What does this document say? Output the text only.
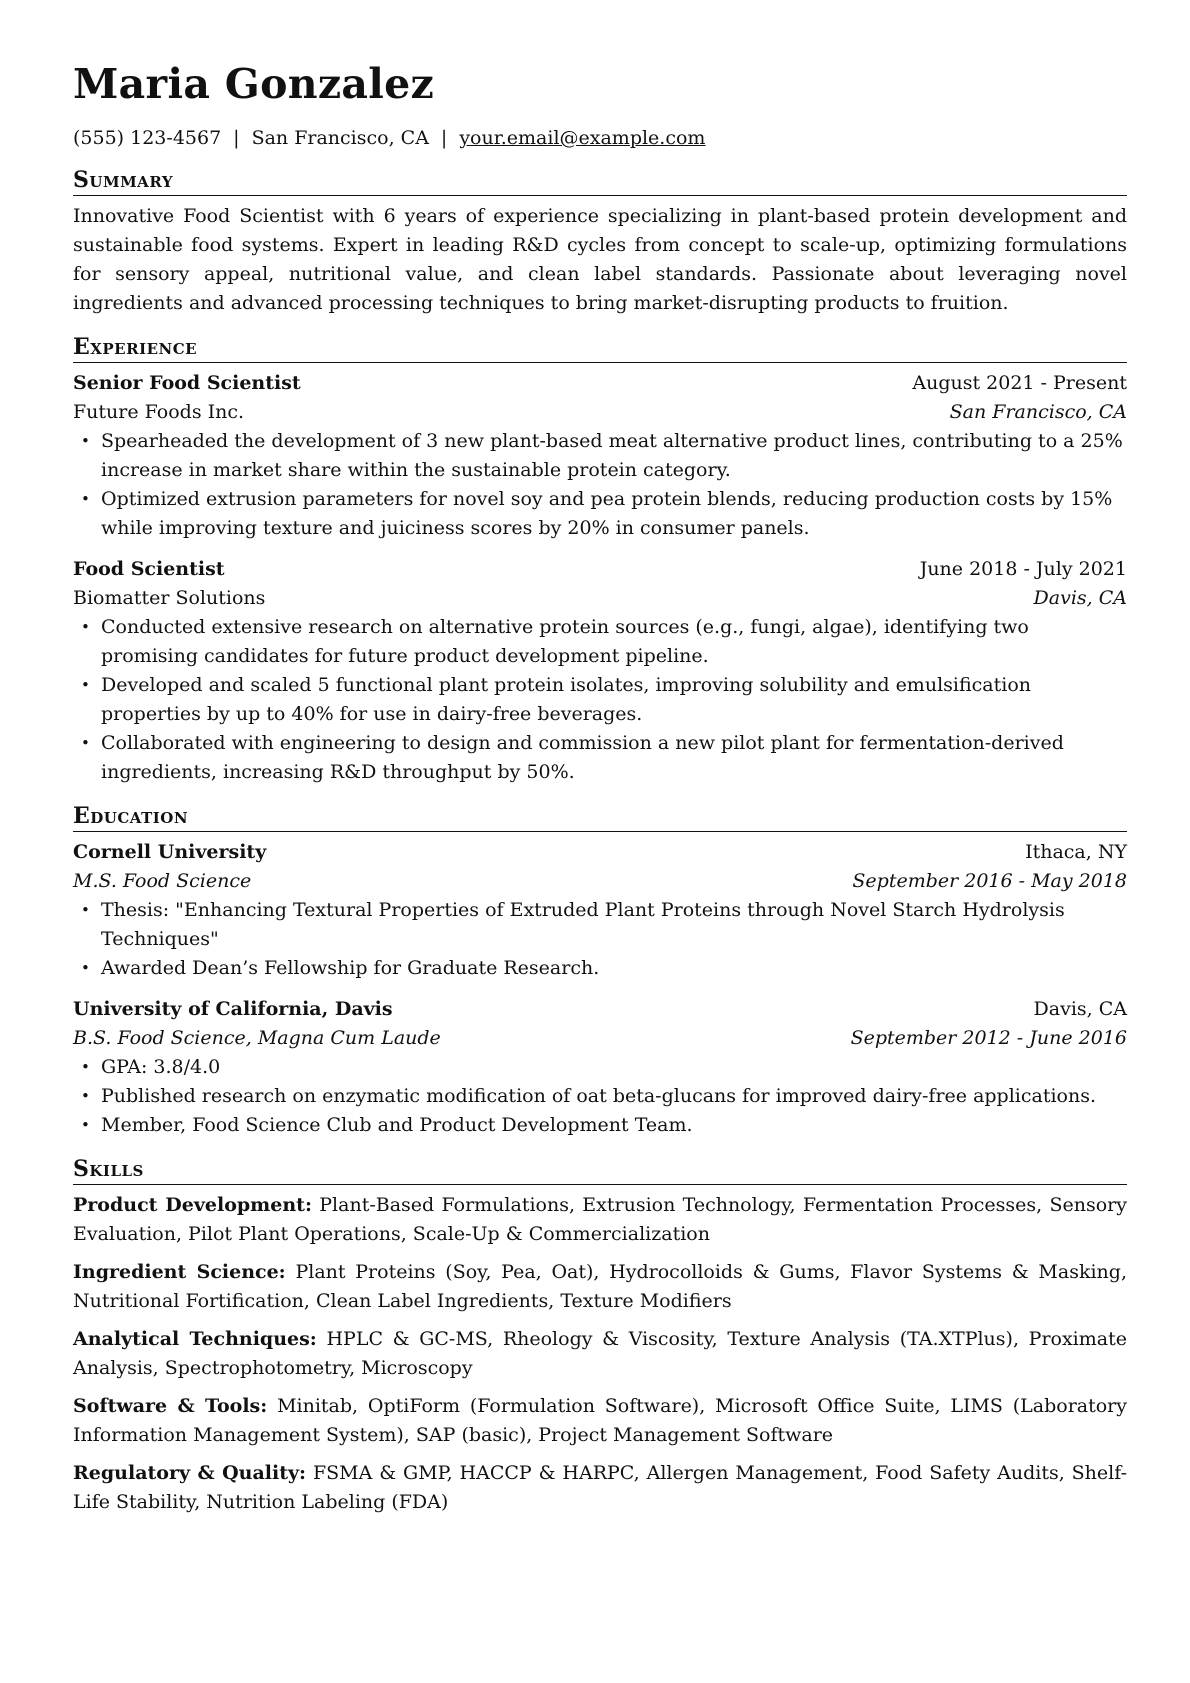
Maria Gonzalez
(555) 123-4567 | San Francisco, CA | your.email@example.com
Summary
Innovative Food Scientist with 6 years of experience specializing in plant-based protein development and sustainable food systems. Expert in leading R&D cycles from concept to scale-up, optimizing formulations for sensory appeal, nutritional value, and clean label standards. Passionate about leveraging novel ingredients and advanced processing techniques to bring market-disrupting products to fruition.
Experience
Senior Food Scientist	August 2021 - Present
Future Foods Inc.	San Francisco, CA
• Spearheaded the development of 3 new plant-based meat alternative product lines, contributing to a 25% increase in market share within the sustainable protein category.
• Optimized extrusion parameters for novel soy and pea protein blends, reducing production costs by 15% while improving texture and juiciness scores by 20% in consumer panels.
Food Scientist	June 2018 - July 2021
Biomatter Solutions	Davis, CA
• Conducted extensive research on alternative protein sources (e.g., fungi, algae), identifying two promising candidates for future product development pipeline.
• Developed and scaled 5 functional plant protein isolates, improving solubility and emulsification properties by up to 40% for use in dairy-free beverages.
• Collaborated with engineering to design and commission a new pilot plant for fermentation-derived ingredients, increasing R&D throughput by 50%.
Education
Cornell University	Ithaca, NY
M.S. Food Science	September 2016 - May 2018
• Thesis: "Enhancing Textural Properties of Extruded Plant Proteins through Novel Starch Hydrolysis Techniques"
• Awarded Dean’s Fellowship for Graduate Research.
University of California, Davis	Davis, CA
B.S. Food Science, Magna Cum Laude	September 2012 - June 2016
• GPA: 3.8/4.0
• Published research on enzymatic modification of oat beta-glucans for improved dairy-free applications.
• Member, Food Science Club and Product Development Team.
Skills
Product Development: Plant-Based Formulations, Extrusion Technology, Fermentation Processes, Sensory Evaluation, Pilot Plant Operations, Scale-Up & Commercialization
Ingredient Science: Plant Proteins (Soy, Pea, Oat), Hydrocolloids & Gums, Flavor Systems & Masking, Nutritional Fortification, Clean Label Ingredients, Texture Modifiers
Analytical Techniques: HPLC & GC-MS, Rheology & Viscosity, Texture Analysis (TA.XTPlus), Proximate Analysis, Spectrophotometry, Microscopy
Software & Tools: Minitab, OptiForm (Formulation Software), Microsoft Office Suite, LIMS (Laboratory Information Management System), SAP (basic), Project Management Software
Regulatory & Quality: FSMA & GMP, HACCP & HARPC, Allergen Management, Food Safety Audits, Shelf-Life Stability, Nutrition Labeling (FDA)
